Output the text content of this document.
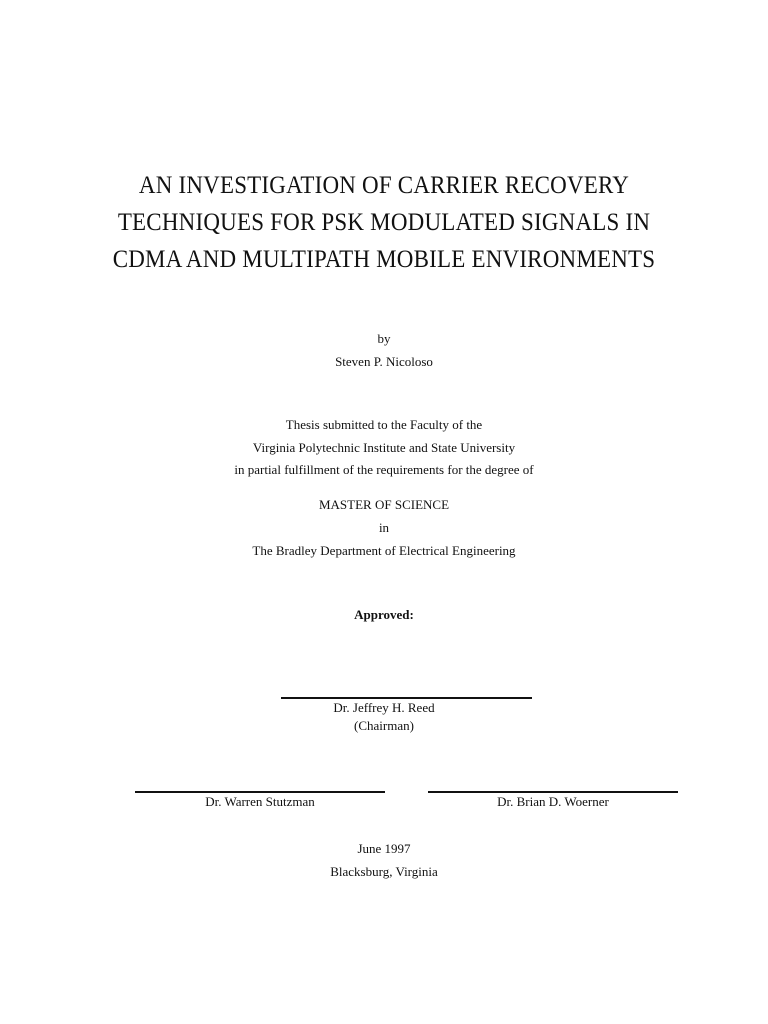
AN INVESTIGATION OF CARRIER RECOVERY
TECHNIQUES FOR PSK MODULATED SIGNALS IN
CDMA AND MULTIPATH MOBILE ENVIRONMENTS
by
Steven P. Nicoloso
Thesis submitted to the Faculty of the
Virginia Polytechnic Institute and State University
in partial fulfillment of the requirements for the degree of
MASTER OF SCIENCE
in
The Bradley Department of Electrical Engineering
Approved:
Dr. Jeffrey H. Reed
(Chairman)
Dr. Warren Stutzman	Dr. Brian D. Woerner
June 1997
Blacksburg, Virginia
